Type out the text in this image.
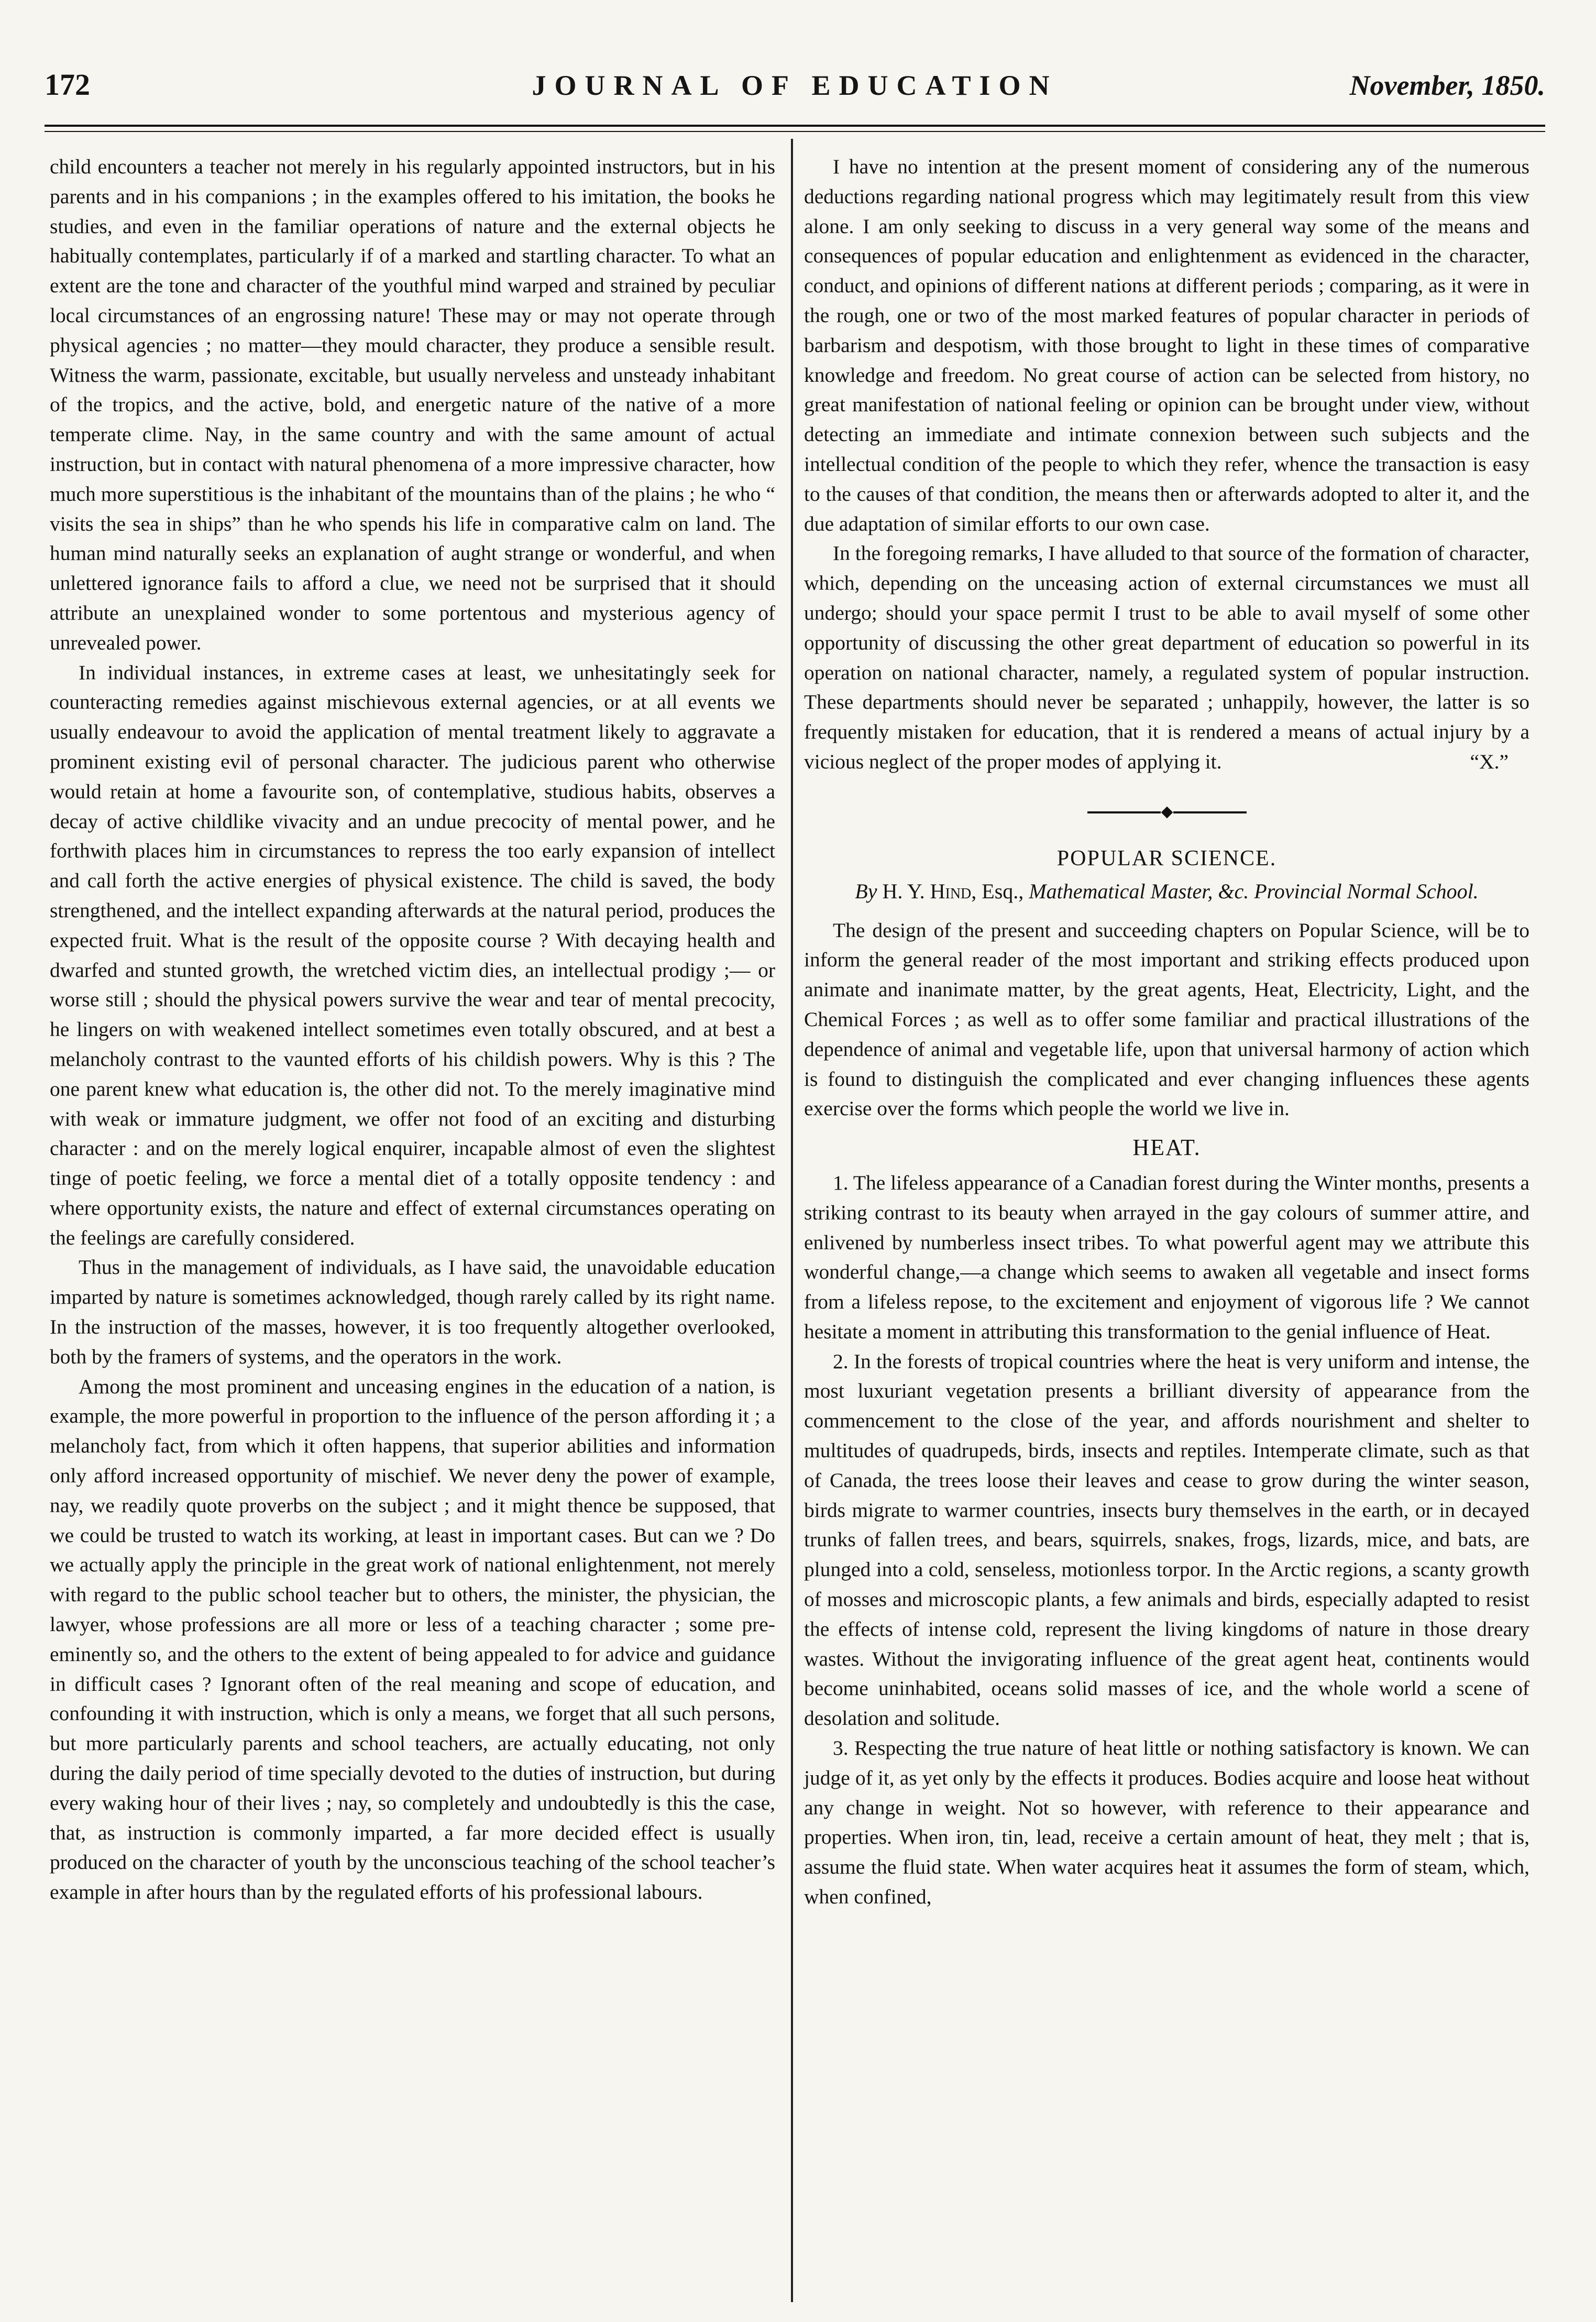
172	JOURNAL OF EDUCATION	November, 1850.

child encounters a teacher not merely in his regularly appointed instructors, but in his parents and in his companions ; in the examples offered to his imitation, the books he studies, and even in the familiar operations of nature and the external objects he habitually contemplates, particularly if of a marked and startling character. To what an extent are the tone and character of the youthful mind warped and strained by peculiar local circumstances of an engrossing nature! These may or may not operate through physical agencies ; no matter—they mould character, they produce a sensible result. Witness the warm, passionate, excitable, but usually nerveless and unsteady inhabitant of the tropics, and the active, bold, and energetic nature of the native of a more temperate clime. Nay, in the same country and with the same amount of actual instruction, but in contact with natural phenomena of a more impressive character, how much more superstitious is the inhabitant of the mountains than of the plains ; he who “ visits the sea in ships” than he who spends his life in comparative calm on land. The human mind naturally seeks an explanation of aught strange or wonderful, and when unlettered ignorance fails to afford a clue, we need not be surprised that it should attribute an unexplained wonder to some portentous and mysterious agency of unrevealed power.

In individual instances, in extreme cases at least, we unhesitatingly seek for counteracting remedies against mischievous external agencies, or at all events we usually endeavour to avoid the application of mental treatment likely to aggravate a prominent existing evil of personal character. The judicious parent who otherwise would retain at home a favourite son, of contemplative, studious habits, observes a decay of active childlike vivacity and an undue precocity of mental power, and he forthwith places him in circumstances to repress the too early expansion of intellect and call forth the active energies of physical existence. The child is saved, the body strengthened, and the intellect expanding afterwards at the natural period, produces the expected fruit. What is the result of the opposite course ? With decaying health and dwarfed and stunted growth, the wretched victim dies, an intellectual prodigy ;— or worse still ; should the physical powers survive the wear and tear of mental precocity, he lingers on with weakened intellect sometimes even totally obscured, and at best a melancholy contrast to the vaunted efforts of his childish powers. Why is this ? The one parent knew what education is, the other did not. To the merely imaginative mind with weak or immature judgment, we offer not food of an exciting and disturbing character : and on the merely logical enquirer, incapable almost of even the slightest tinge of poetic feeling, we force a mental diet of a totally opposite tendency : and where opportunity exists, the nature and effect of external circumstances operating on the feelings are carefully considered.

Thus in the management of individuals, as I have said, the unavoidable education imparted by nature is sometimes acknowledged, though rarely called by its right name. In the instruction of the masses, however, it is too frequently altogether overlooked, both by the framers of systems, and the operators in the work.

Among the most prominent and unceasing engines in the education of a nation, is example, the more powerful in proportion to the influence of the person affording it ; a melancholy fact, from which it often happens, that superior abilities and information only afford increased opportunity of mischief. We never deny the power of example, nay, we readily quote proverbs on the subject ; and it might thence be supposed, that we could be trusted to watch its working, at least in important cases. But can we ? Do we actually apply the principle in the great work of national enlightenment, not merely with regard to the public school teacher but to others, the minister, the physician, the lawyer, whose professions are all more or less of a teaching character ; some pre-eminently so, and the others to the extent of being appealed to for advice and guidance in difficult cases ? Ignorant often of the real meaning and scope of education, and confounding it with instruction, which is only a means, we forget that all such persons, but more particularly parents and school teachers, are actually educating, not only during the daily period of time specially devoted to the duties of instruction, but during every waking hour of their lives ; nay, so completely and undoubtedly is this the case, that, as instruction is commonly imparted, a far more decided effect is usually produced on the character of youth by the unconscious teaching of the school teacher’s example in after hours than by the regulated efforts of his professional labours.

I have no intention at the present moment of considering any of the numerous deductions regarding national progress which may legitimately result from this view alone. I am only seeking to discuss in a very general way some of the means and consequences of popular education and enlightenment as evidenced in the character, conduct, and opinions of different nations at different periods ; comparing, as it were in the rough, one or two of the most marked features of popular character in periods of barbarism and despotism, with those brought to light in these times of comparative knowledge and freedom. No great course of action can be selected from history, no great manifestation of national feeling or opinion can be brought under view, without detecting an immediate and intimate connexion between such subjects and the intellectual condition of the people to which they refer, whence the transaction is easy to the causes of that condition, the means then or afterwards adopted to alter it, and the due adaptation of similar efforts to our own case.

In the foregoing remarks, I have alluded to that source of the formation of character, which, depending on the unceasing action of external circumstances we must all undergo; should your space permit I trust to be able to avail myself of some other opportunity of discussing the other great department of education so powerful in its operation on national character, namely, a regulated system of popular instruction. These departments should never be separated ; unhappily, however, the latter is so frequently mistaken for education, that it is rendered a means of actual injury by a vicious neglect of the proper modes of applying it.	“X.”

POPULAR SCIENCE.
By H. Y. Hind, Esq., Mathematical Master, &c. Provincial Normal School.

The design of the present and succeeding chapters on Popular Science, will be to inform the general reader of the most important and striking effects produced upon animate and inanimate matter, by the great agents, Heat, Electricity, Light, and the Chemical Forces ; as well as to offer some familiar and practical illustrations of the dependence of animal and vegetable life, upon that universal harmony of action which is found to distinguish the complicated and ever changing influences these agents exercise over the forms which people the world we live in.

HEAT.

1. The lifeless appearance of a Canadian forest during the Winter months, presents a striking contrast to its beauty when arrayed in the gay colours of summer attire, and enlivened by numberless insect tribes. To what powerful agent may we attribute this wonderful change,—a change which seems to awaken all vegetable and insect forms from a lifeless repose, to the excitement and enjoyment of vigorous life ? We cannot hesitate a moment in attributing this transformation to the genial influence of Heat.

2. In the forests of tropical countries where the heat is very uniform and intense, the most luxuriant vegetation presents a brilliant diversity of appearance from the commencement to the close of the year, and affords nourishment and shelter to multitudes of quadrupeds, birds, insects and reptiles. Intemperate climate, such as that of Canada, the trees loose their leaves and cease to grow during the winter season, birds migrate to warmer countries, insects bury themselves in the earth, or in decayed trunks of fallen trees, and bears, squirrels, snakes, frogs, lizards, mice, and bats, are plunged into a cold, senseless, motionless torpor. In the Arctic regions, a scanty growth of mosses and microscopic plants, a few animals and birds, especially adapted to resist the effects of intense cold, represent the living kingdoms of nature in those dreary wastes. Without the invigorating influence of the great agent heat, continents would become uninhabited, oceans solid masses of ice, and the whole world a scene of desolation and solitude.

3. Respecting the true nature of heat little or nothing satisfactory is known. We can judge of it, as yet only by the effects it produces. Bodies acquire and loose heat without any change in weight. Not so however, with reference to their appearance and properties. When iron, tin, lead, receive a certain amount of heat, they melt ; that is, assume the fluid state. When water acquires heat it assumes the form of steam, which, when confined,
